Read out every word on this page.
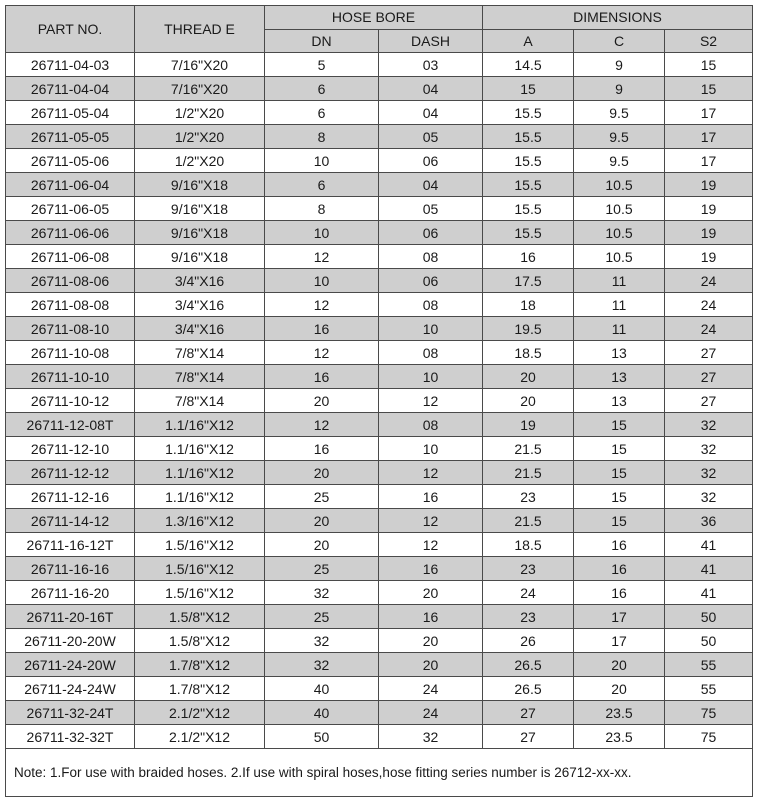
PART NO.	THREAD E	HOSE BORE		DIMENSIONS		
		DN	DASH	A	C	S2
26711-04-03	7/16"X20	5	03	14.5	9	15
26711-04-04	7/16"X20	6	04	15	9	15
26711-05-04	1/2"X20	6	04	15.5	9.5	17
26711-05-05	1/2"X20	8	05	15.5	9.5	17
26711-05-06	1/2"X20	10	06	15.5	9.5	17
26711-06-04	9/16"X18	6	04	15.5	10.5	19
26711-06-05	9/16"X18	8	05	15.5	10.5	19
26711-06-06	9/16"X18	10	06	15.5	10.5	19
26711-06-08	9/16"X18	12	08	16	10.5	19
26711-08-06	3/4"X16	10	06	17.5	11	24
26711-08-08	3/4"X16	12	08	18	11	24
26711-08-10	3/4"X16	16	10	19.5	11	24
26711-10-08	7/8"X14	12	08	18.5	13	27
26711-10-10	7/8"X14	16	10	20	13	27
26711-10-12	7/8"X14	20	12	20	13	27
26711-12-08T	1.1/16"X12	12	08	19	15	32
26711-12-10	1.1/16"X12	16	10	21.5	15	32
26711-12-12	1.1/16"X12	20	12	21.5	15	32
26711-12-16	1.1/16"X12	25	16	23	15	32
26711-14-12	1.3/16"X12	20	12	21.5	15	36
26711-16-12T	1.5/16"X12	20	12	18.5	16	41
26711-16-16	1.5/16"X12	25	16	23	16	41
26711-16-20	1.5/16"X12	32	20	24	16	41
26711-20-16T	1.5/8"X12	25	16	23	17	50
26711-20-20W	1.5/8"X12	32	20	26	17	50
26711-24-20W	1.7/8"X12	32	20	26.5	20	55
26711-24-24W	1.7/8"X12	40	24	26.5	20	55
26711-32-24T	2.1/2"X12	40	24	27	23.5	75
26711-32-32T	2.1/2"X12	50	32	27	23.5	75
Note: 1.For use with braided hoses. 2.If use with spiral hoses,hose fitting series number is 26712-xx-xx.						
